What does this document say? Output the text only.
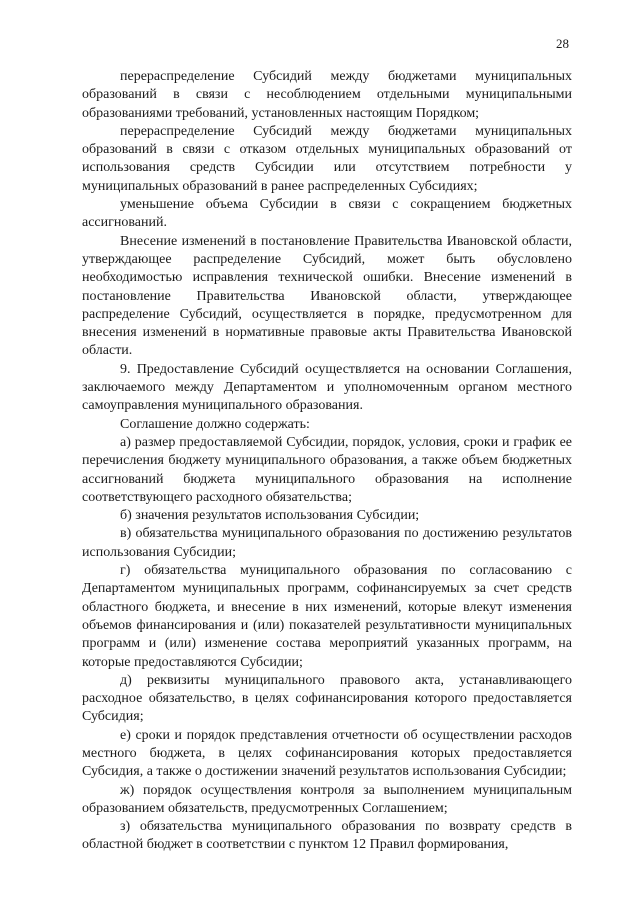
28

перераспределение Субсидий между бюджетами муниципальных образований в связи с несоблюдением отдельными муниципальными образованиями требований, установленных настоящим Порядком;

перераспределение Субсидий между бюджетами муниципальных образований в связи с отказом отдельных муниципальных образований от использования средств Субсидии или отсутствием потребности у муниципальных образований в ранее распределенных Субсидиях;

уменьшение объема Субсидии в связи с сокращением бюджетных ассигнований.

Внесение изменений в постановление Правительства Ивановской области, утверждающее распределение Субсидий, может быть обусловлено необходимостью исправления технической ошибки. Внесение изменений в постановление Правительства Ивановской области, утверждающее распределение Субсидий, осуществляется в порядке, предусмотренном для внесения изменений в нормативные правовые акты Правительства Ивановской области.

9. Предоставление Субсидий осуществляется на основании Соглашения, заключаемого между Департаментом и уполномоченным органом местного самоуправления муниципального образования.

Соглашение должно содержать:

а) размер предоставляемой Субсидии, порядок, условия, сроки и график ее перечисления бюджету муниципального образования, а также объем бюджетных ассигнований бюджета муниципального образования на исполнение соответствующего расходного обязательства;

б) значения результатов использования Субсидии;

в) обязательства муниципального образования по достижению результатов использования Субсидии;

г) обязательства муниципального образования по согласованию с Департаментом муниципальных программ, софинансируемых за счет средств областного бюджета, и внесение в них изменений, которые влекут изменения объемов финансирования и (или) показателей результативности муниципальных программ и (или) изменение состава мероприятий указанных программ, на которые предоставляются Субсидии;

д) реквизиты муниципального правового акта, устанавливающего расходное обязательство, в целях софинансирования которого предоставляется Субсидия;

е) сроки и порядок представления отчетности об осуществлении расходов местного бюджета, в целях софинансирования которых предоставляется Субсидия, а также о достижении значений результатов использования Субсидии;

ж) порядок осуществления контроля за выполнением муниципальным образованием обязательств, предусмотренных Соглашением;

з) обязательства муниципального образования по возврату средств в областной бюджет в соответствии с пунктом 12 Правил формирования,
